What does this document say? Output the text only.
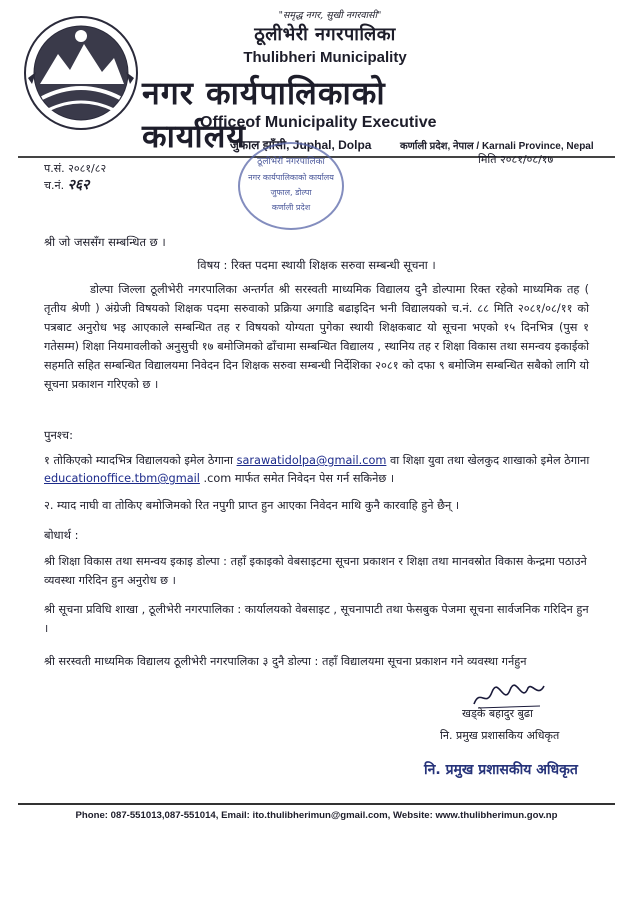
"समृद्ध नगर, सुखी नगरवासी"
ठूलीभेरी नगरपालिका
Thulibheri Municipality
नगर कार्यपालिकाको कार्यालय
Officeof Municipality Executive
जुफाल झाँसी, Juphal, Dolpa	कर्णाली प्रदेश, नेपाल / Karnali Province, Nepal
प.सं. २०८१/८२
च.नं. २६२
मिति २०८१/०८/१७
ठूलीभेरी नगरपालिका
नगर कार्यपालिकाको कार्यालय
जुफाल, डोल्पा
कर्णाली प्रदेश
श्री जो जससँग सम्बन्धित छ ।
विषय : रिक्त पदमा स्थायी शिक्षक सरुवा सम्बन्धी सूचना ।
डोल्पा जिल्ला ठूलीभेरी नगरपालिका अन्तर्गत श्री सरस्वती माध्यमिक विद्यालय दुनै डोल्पामा रिक्त रहेको माध्यमिक तह ( तृतीय श्रेणी ) अंग्रेजी विषयको शिक्षक पदमा सरुवाको प्रक्रिया अगाडि बढाइदिन भनी विद्यालयको च.नं. ८८ मिति २०८१/०८/११ को पत्रबाट अनुरोध भइ आएकाले सम्बन्धित तह र विषयको योग्यता पुगेका स्थायी शिक्षकबाट यो सूचना भएको १५ दिनभित्र (पुस १ गतेसम्म) शिक्षा नियमावलीको अनुसुची १७ बमोजिमको ढाँचामा सम्बन्धित विद्यालय , स्थानिय तह र शिक्षा विकास तथा समन्वय इकाईको सहमति सहित सम्बन्धित विद्यालयमा निवेदन दिन शिक्षक सरुवा सम्बन्धी निर्देशिका २०८१ को दफा ९ बमोजिम सम्बन्धित सबैको लागि यो सूचना प्रकाशन गरिएको छ ।
पुनश्च:
१ तोकिएको म्यादभित्र विद्यालयको इमेल ठेगाना sarawatidolpa@gmail.com वा शिक्षा युवा तथा खेलकुद शाखाको इमेल ठेगाना educationoffice.tbm@gmail .com मार्फत समेत निवेदन पेस गर्न सकिनेछ ।
२. म्याद नाघी वा तोकिए बमोजिमको रित नपुगी प्राप्त हुन आएका निवेदन माथि कुनै कारवाहि हुने छैन् ।
बोधार्थ :
श्री शिक्षा विकास तथा समन्वय इकाइ डोल्पा : तहाँ इकाइको वेबसाइटमा सूचना प्रकाशन र शिक्षा तथा मानवस्रोत विकास केन्द्रमा पठाउने व्यवस्था गरिदिन हुन अनुरोध छ ।
श्री सूचना प्रविधि शाखा , ठूलीभेरी नगरपालिका : कार्यालयको वेबसाइट , सूचनापाटी तथा फेसबुक पेजमा सूचना सार्वजनिक गरिदिन हुन ।
श्री सरस्वती माध्यमिक विद्यालय ठूलीभेरी नगरपालिका ३ दुनै डोल्पा : तहाँ विद्यालयमा सूचना प्रकाशन गने व्यवस्था गर्नहुन
खड्के बहादुर बुढा
नि. प्रमुख प्रशासकिय अधिकृत
नि. प्रमुख प्रशासकीय अधिकृत
Phone: 087-551013,087-551014, Email: ito.thulibherimun@gmail.com, Website: www.thulibherimun.gov.np
